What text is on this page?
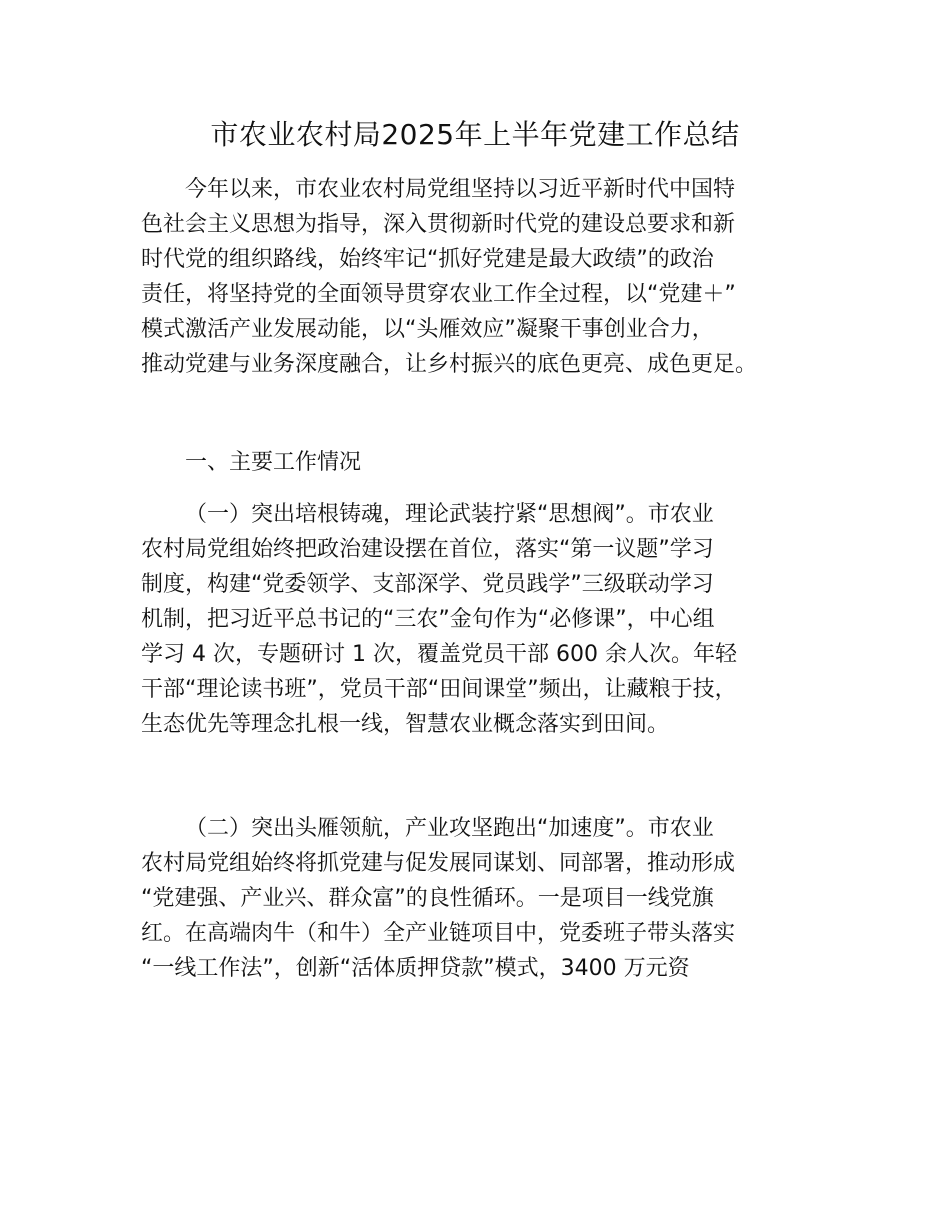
市农业农村局2025年上半年党建工作总结
今年以来，市农业农村局党组坚持以习近平新时代中国特
色社会主义思想为指导，深入贯彻新时代党的建设总要求和新
时代党的组织路线，始终牢记“抓好党建是最大政绩”的政治
责任，将坚持党的全面领导贯穿农业工作全过程，以“党建＋”
模式激活产业发展动能，以“头雁效应”凝聚干事创业合力，
推动党建与业务深度融合，让乡村振兴的底色更亮、成色更足。
一、主要工作情况
（一）突出培根铸魂，理论武装拧紧“思想阀”。市农业
农村局党组始终把政治建设摆在首位，落实“第一议题”学习
制度，构建“党委领学、支部深学、党员践学”三级联动学习
机制，把习近平总书记的“三农”金句作为“必修课”，中心组
学习 4 次，专题研讨 1 次，覆盖党员干部 600 余人次。年轻
干部“理论读书班”，党员干部“田间课堂”频出，让藏粮于技，
生态优先等理念扎根一线，智慧农业概念落实到田间。
（二）突出头雁领航，产业攻坚跑出“加速度”。市农业
农村局党组始终将抓党建与促发展同谋划、同部署，推动形成
“党建强、产业兴、群众富”的良性循环。一是项目一线党旗
红。在高端肉牛（和牛）全产业链项目中，党委班子带头落实
“一线工作法”，创新“活体质押贷款”模式，3400 万元资
